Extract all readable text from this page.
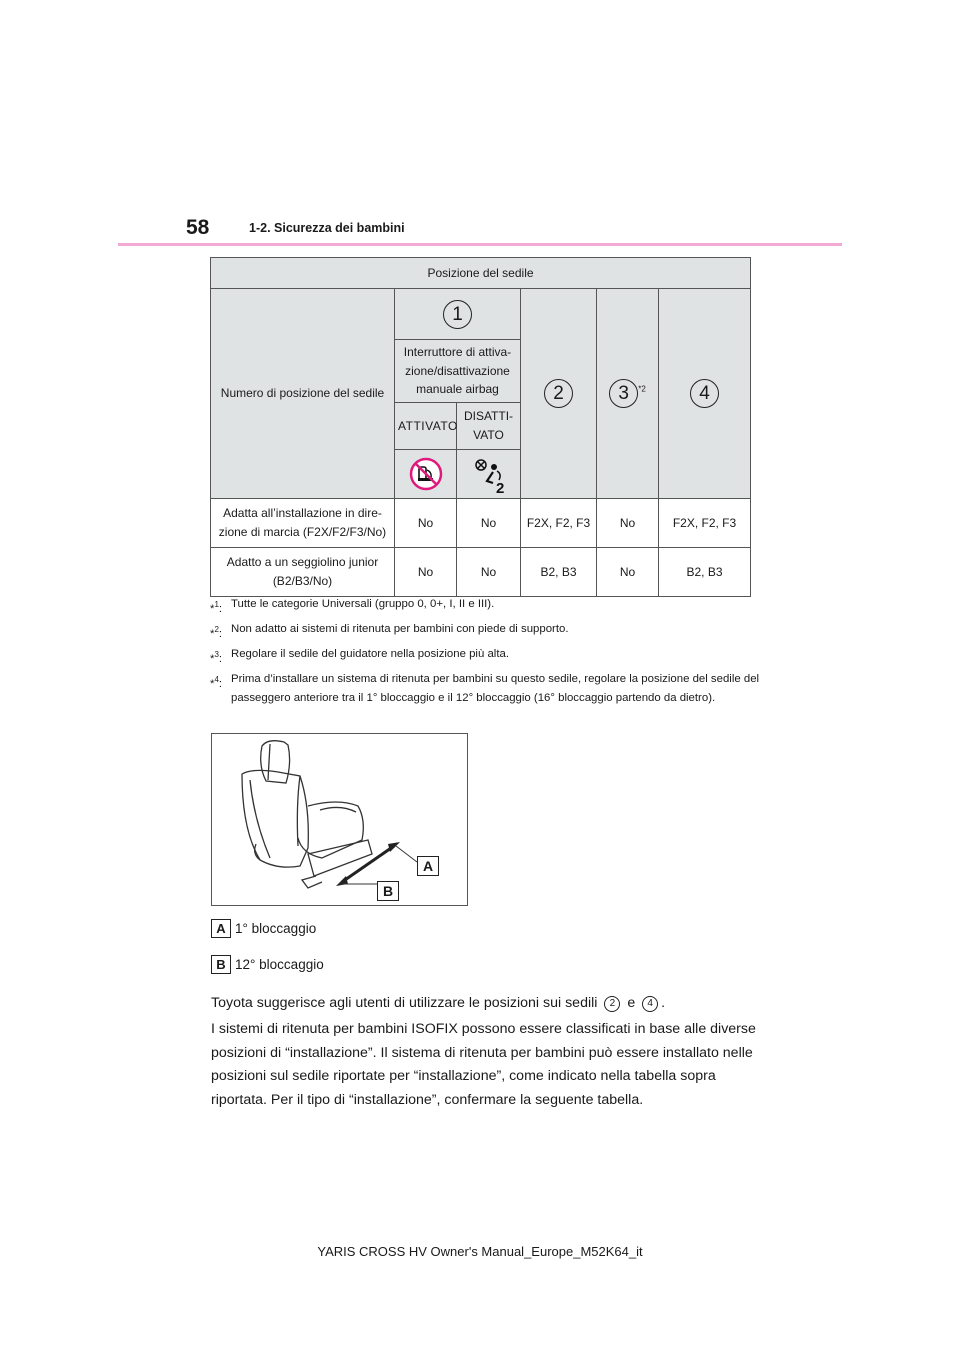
58	1-2. Sicurezza dei bambini
Posizione del sedile					
Numero di posizione del sedile	1		2	3 $^{*2}$	4
	Interruttore di attiva-zione/disattivazione manuale airbag				
	ATTIVATO	DISATTI-VATO			

2			

Adatta all’installazione in dire-zione di marcia (F2X/F2/F3/No)	No	No	F2X, F2, F3	No	F2X, F2, F3
Adatto a un seggiolino junior (B2/B3/No)	No	No	B2, B3	No	B2, B3
*$^1$: Tutte le categorie Universali (gruppo 0, 0+, I, II e III).
*$^2$: Non adatto ai sistemi di ritenuta per bambini con piede di supporto.
*$^3$: Regolare il sedile del guidatore nella posizione più alta.
*$^4$: Prima d’installare un sistema di ritenuta per bambini su questo sedile, regolare la posizione del sedile del passeggero anteriore tra il 1° bloccaggio e il 12° bloccaggio (16° bloccaggio partendo da dietro).
A
B
A 1° bloccaggio
B 12° bloccaggio
Toyota suggerisce agli utenti di utilizzare le posizioni sui sedili 2 e 4 .
I sistemi di ritenuta per bambini ISOFIX possono essere classificati in base alle diverse posizioni di “installazione”. Il sistema di ritenuta per bambini può essere installato nelle posizioni sul sedile riportate per “installazione”, come indicato nella tabella sopra riportata. Per il tipo di “installazione”, confermare la seguente tabella.
YARIS CROSS HV Owner's Manual_Europe_M52K64_it
